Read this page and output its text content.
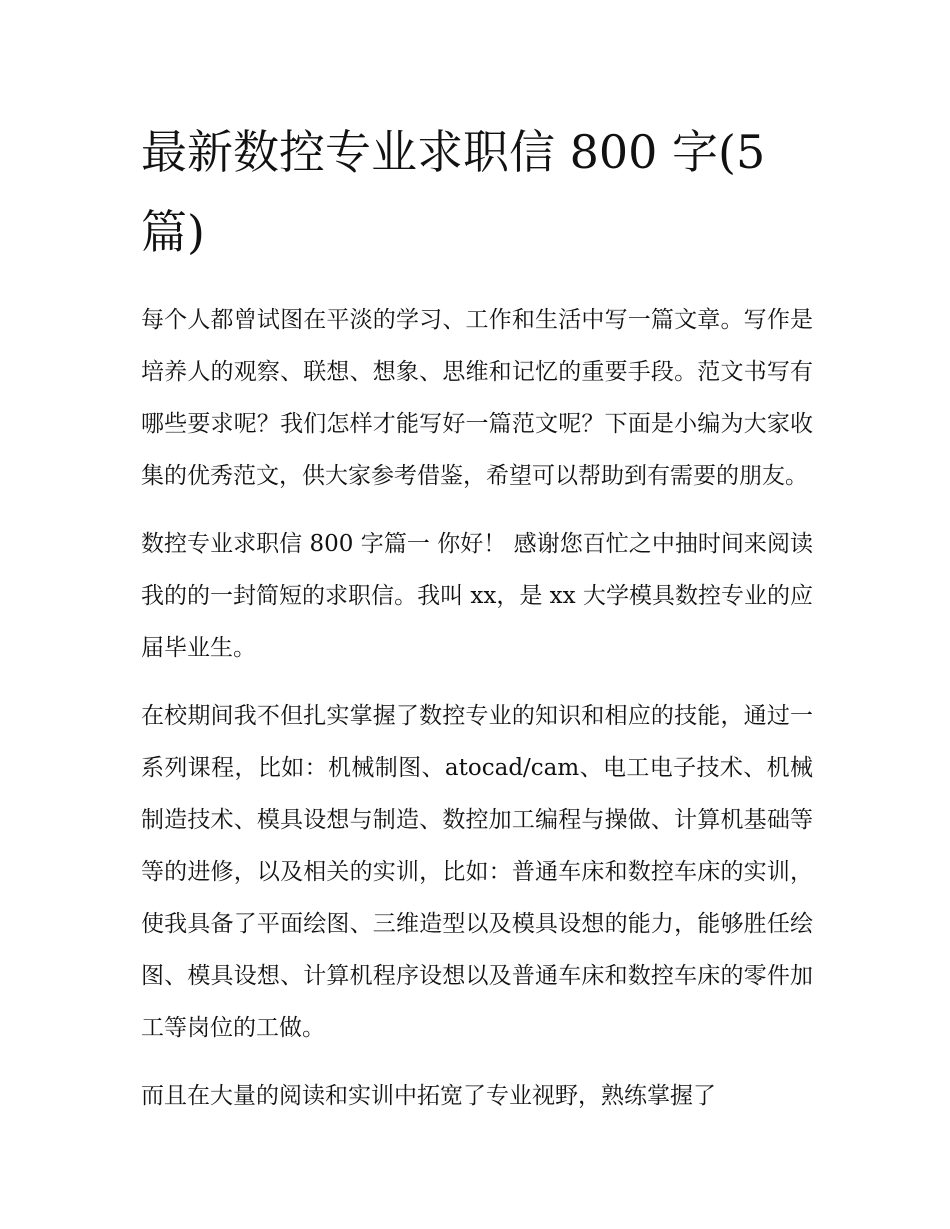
最新数控专业求职信 800 字(5 篇)

每个人都曾试图在平淡的学习、工作和生活中写一篇文章。写作是培养人的观察、联想、想象、思维和记忆的重要手段。范文书写有哪些要求呢？我们怎样才能写好一篇范文呢？下面是小编为大家收集的优秀范文，供大家参考借鉴，希望可以帮助到有需要的朋友。

数控专业求职信 800 字篇一 你好！ 感谢您百忙之中抽时间来阅读我的的一封简短的求职信。我叫 xx，是 xx 大学模具数控专业的应届毕业生。

在校期间我不但扎实掌握了数控专业的知识和相应的技能，通过一系列课程，比如：机械制图、atocad/cam、电工电子技术、机械制造技术、模具设想与制造、数控加工编程与操做、计算机基础等等的进修，以及相关的实训，比如：普通车床和数控车床的实训，使我具备了平面绘图、三维造型以及模具设想的能力，能够胜任绘图、模具设想、计算机程序设想以及普通车床和数控车床的零件加工等岗位的工做。

而且在大量的阅读和实训中拓宽了专业视野，熟练掌握了
